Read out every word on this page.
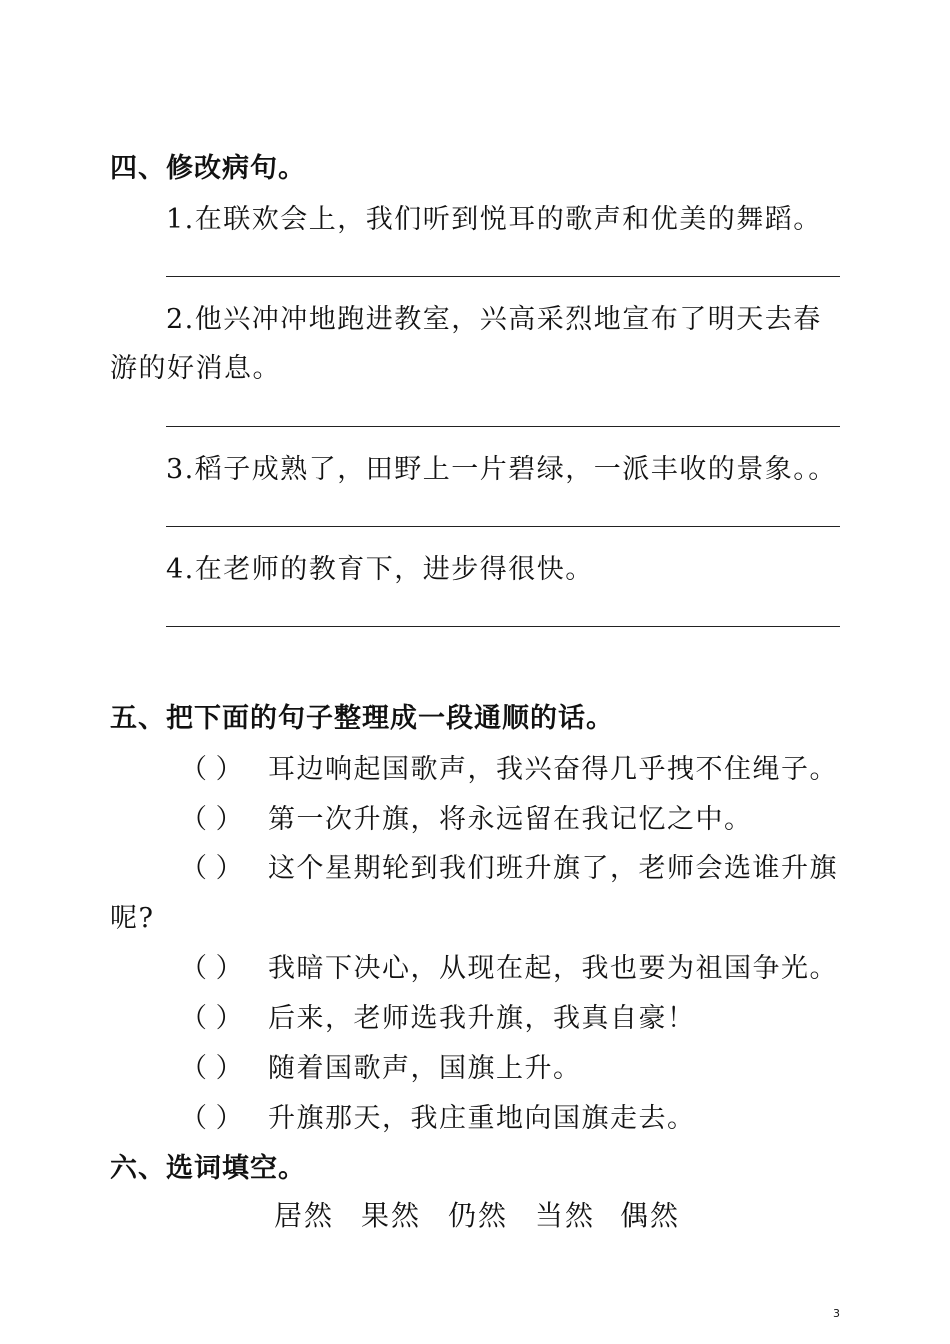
四、修改病句。
1.在联欢会上，我们听到悦耳的歌声和优美的舞蹈。
2.他兴冲冲地跑进教室，兴高采烈地宣布了明天去春
游的好消息。
3.稻子成熟了，田野上一片碧绿，一派丰收的景象。。
4.在老师的教育下，进步得很快。
五、把下面的句子整理成一段通顺的话。
（ ） 耳边响起国歌声，我兴奋得几乎拽不住绳子。
（ ） 第一次升旗，将永远留在我记忆之中。
（ ） 这个星期轮到我们班升旗了，老师会选谁升旗
呢?
（ ） 我暗下决心，从现在起，我也要为祖国争光。
（ ） 后来，老师选我升旗，我真自豪！
（ ） 随着国歌声，国旗上升。
（ ） 升旗那天，我庄重地向国旗走去。
六、选词填空。
居然 果然 仍然 当然 偶然
3
